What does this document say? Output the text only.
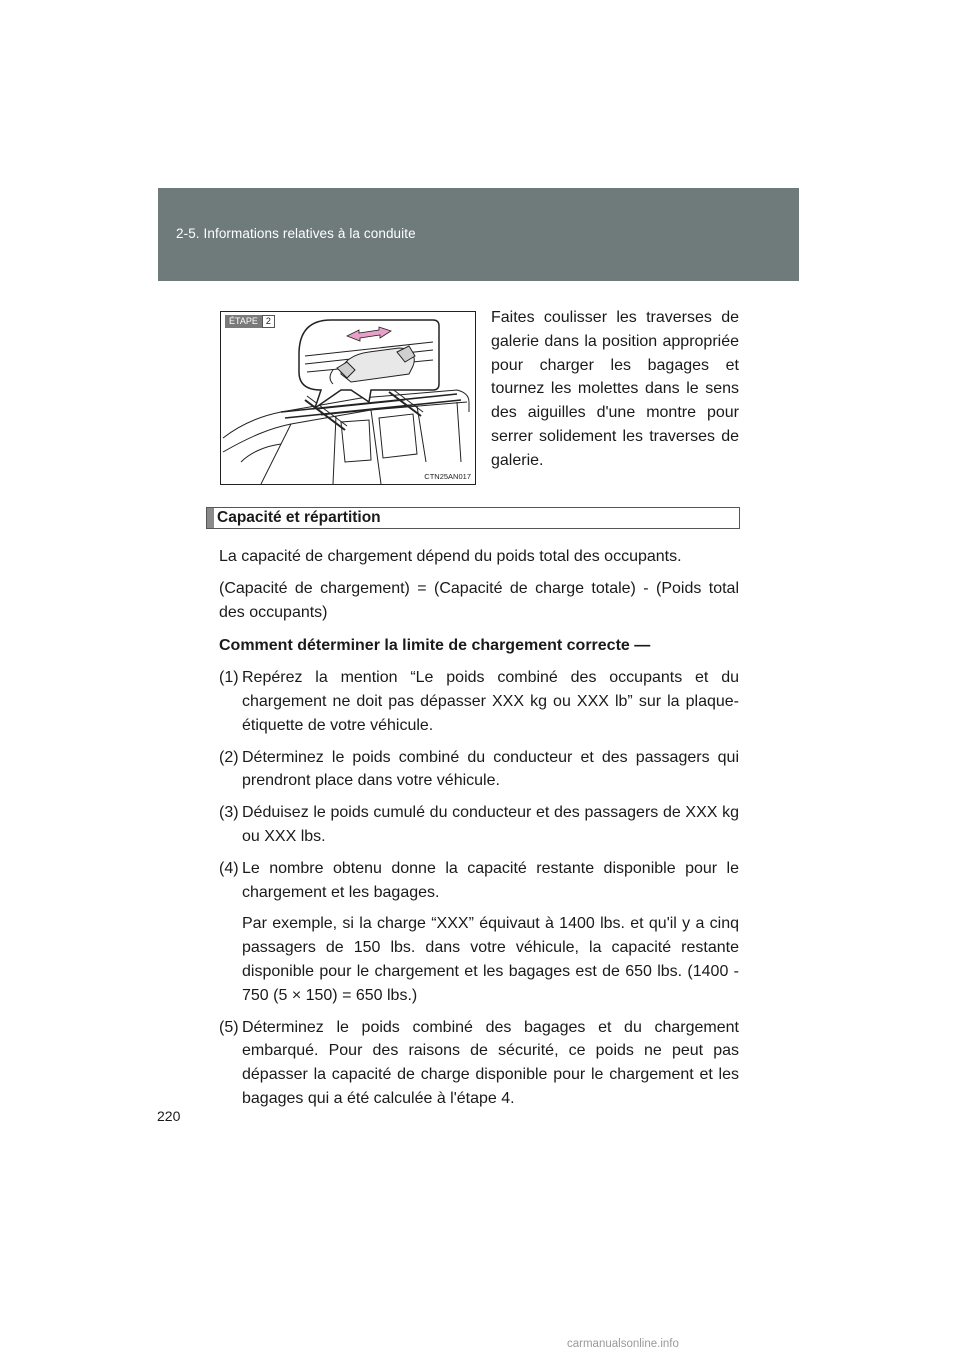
2-5. Informations relatives à la conduite
ÉTAPE 2
CTN25AN017
Faites coulisser les traverses de galerie dans la position appropriée pour charger les bagages et tournez les molettes dans le sens des aiguilles d'une montre pour serrer solidement les traverses de galerie.
Capacité et répartition

La capacité de chargement dépend du poids total des occupants.

(Capacité de chargement) = (Capacité de charge totale) - (Poids total des occupants)

Comment déterminer la limite de chargement correcte —

(1) Repérez la mention “Le poids combiné des occupants et du chargement ne doit pas dépasser XXX kg ou XXX lb” sur la plaque-étiquette de votre véhicule.
(2) Déterminez le poids combiné du conducteur et des passagers qui prendront place dans votre véhicule.
(3) Déduisez le poids cumulé du conducteur et des passagers de XXX kg ou XXX lbs.
(4) Le nombre obtenu donne la capacité restante disponible pour le chargement et les bagages.
Par exemple, si la charge “XXX” équivaut à 1400 lbs. et qu'il y a cinq passagers de 150 lbs. dans votre véhicule, la capacité restante disponible pour le chargement et les bagages est de 650 lbs. (1400 - 750 (5 × 150) = 650 lbs.)
(5) Déterminez le poids combiné des bagages et du chargement embarqué. Pour des raisons de sécurité, ce poids ne peut pas dépasser la capacité de charge disponible pour le chargement et les bagages qui a été calculée à l'étape 4.
220
carmanualsonline.info
